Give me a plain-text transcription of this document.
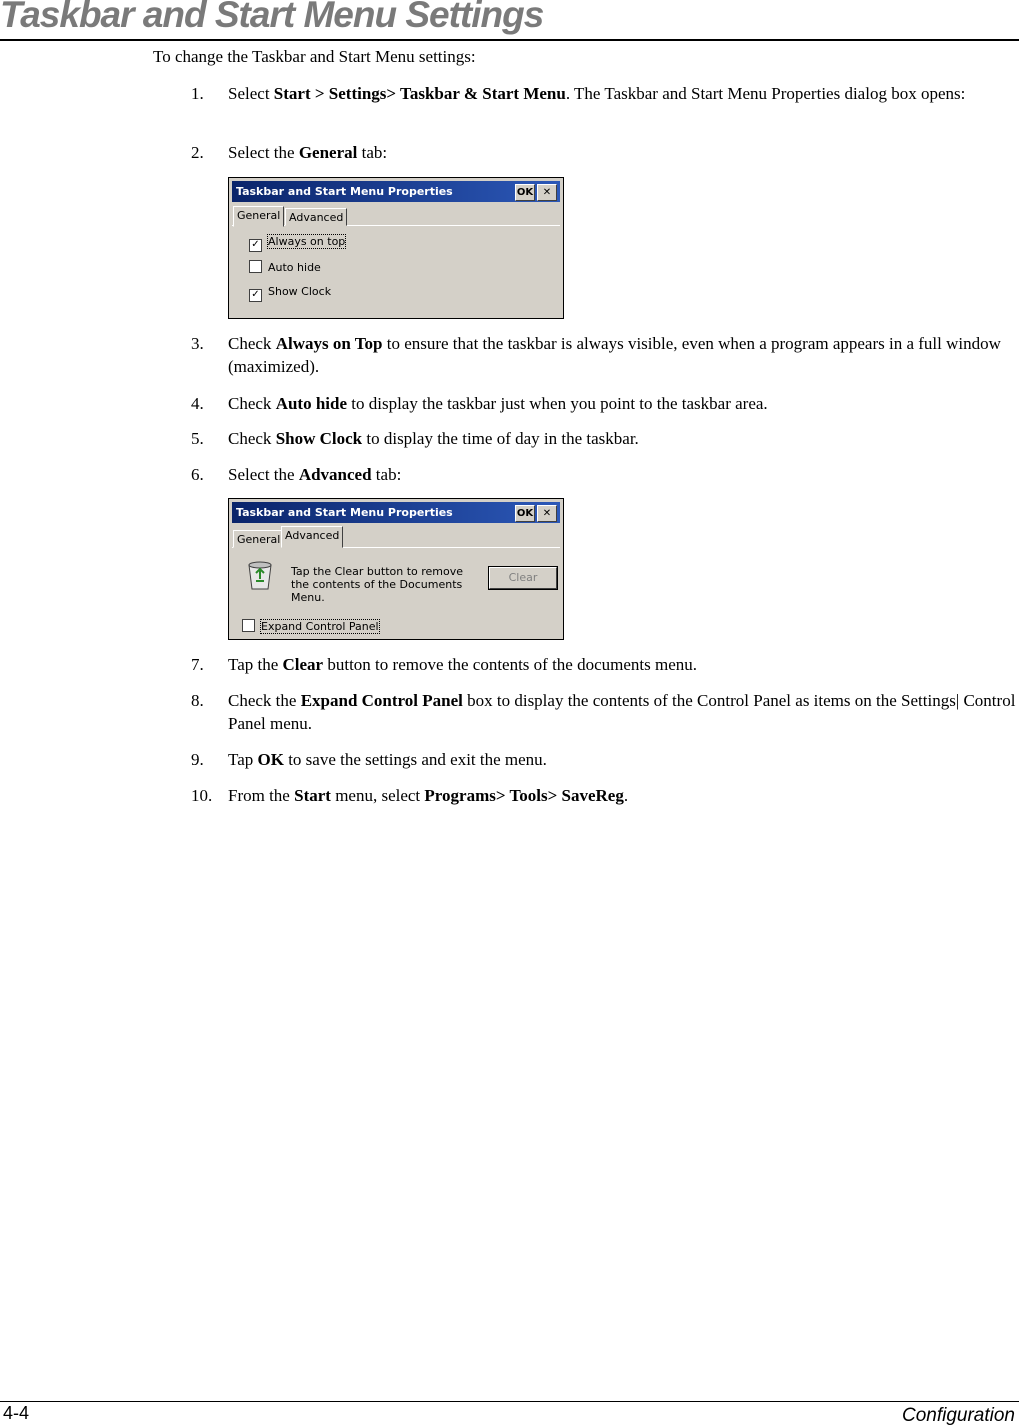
Taskbar and Start Menu Settings
To change the Taskbar and Start Menu settings:
1. Select Start > Settings> Taskbar & Start Menu. The Taskbar and Start Menu Properties dialog box opens:
2. Select the General tab:
Taskbar and Start Menu Properties	OK ✕
General Advanced
✓ Always on top
Auto hide
✓ Show Clock
3. Check Always on Top to ensure that the taskbar is always visible, even when a program appears in a full window (maximized).
4. Check Auto hide to display the taskbar just when you point to the taskbar area.
5. Check Show Clock to display the time of day in the taskbar.
6. Select the Advanced tab:
Taskbar and Start Menu Properties	OK ✕
General Advanced
Tap the Clear button to remove the contents of the Documents Menu.
Clear
Expand Control Panel
7. Tap the Clear button to remove the contents of the documents menu.
8. Check the Expand Control Panel box to display the contents of the Control Panel as items on the Settings| Control Panel menu.
9. Tap OK to save the settings and exit the menu.
10. From the Start menu, select Programs> Tools> SaveReg.
4-4	Configuration
